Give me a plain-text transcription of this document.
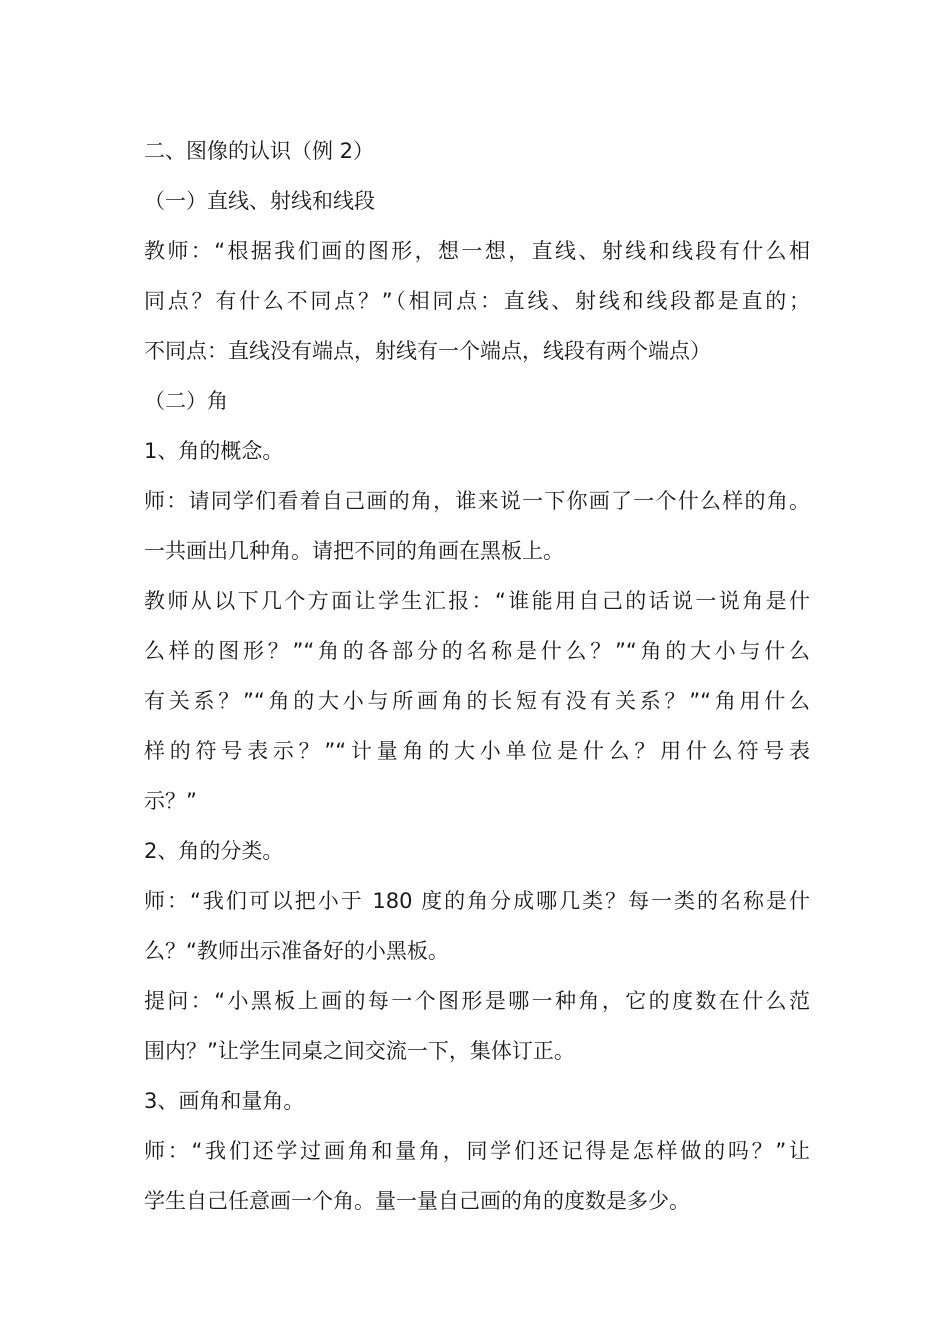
二、图像的认识（例 2）
（一）直线、射线和线段
教师：“根据我们画的图形，想一想，直线、射线和线段有什么相
同点？有什么不同点？”（相同点：直线、射线和线段都是直的；
不同点：直线没有端点，射线有一个端点，线段有两个端点）
（二）角
1、角的概念。
师：请同学们看着自己画的角，谁来说一下你画了一个什么样的角。
一共画出几种角。请把不同的角画在黑板上。
教师从以下几个方面让学生汇报：“谁能用自己的话说一说角是什
么样的图形？”“角的各部分的名称是什么？”“角的大小与什么
有关系？”“角的大小与所画角的长短有没有关系？”“角用什么
样的符号表示？”“计量角的大小单位是什么？用什么符号表
示？”
2、角的分类。
师：“我们可以把小于 180 度的角分成哪几类？每一类的名称是什
么？“教师出示准备好的小黑板。
提问：“小黑板上画的每一个图形是哪一种角，它的度数在什么范
围内？”让学生同桌之间交流一下，集体订正。
3、画角和量角。
师：“我们还学过画角和量角，同学们还记得是怎样做的吗？”让
学生自己任意画一个角。量一量自己画的角的度数是多少。
